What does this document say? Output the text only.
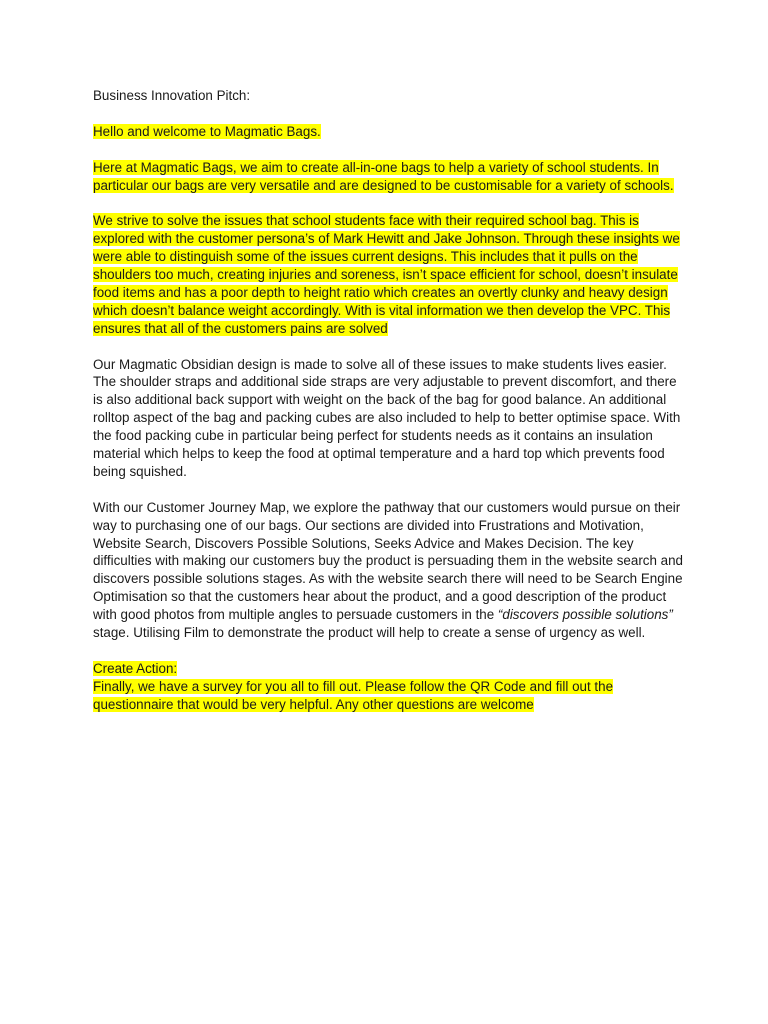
Business Innovation Pitch:

Hello and welcome to Magmatic Bags.

Here at Magmatic Bags, we aim to create all-in-one bags to help a variety of school students. In particular our bags are very versatile and are designed to be customisable for a variety of schools.

We strive to solve the issues that school students face with their required school bag. This is explored with the customer persona’s of Mark Hewitt and Jake Johnson. Through these insights we were able to distinguish some of the issues current designs. This includes that it pulls on the shoulders too much, creating injuries and soreness, isn’t space efficient for school, doesn’t insulate food items and has a poor depth to height ratio which creates an overtly clunky and heavy design which doesn’t balance weight accordingly. With is vital information we then develop the VPC. This ensures that all of the customers pains are solved

Our Magmatic Obsidian design is made to solve all of these issues to make students lives easier. The shoulder straps and additional side straps are very adjustable to prevent discomfort, and there is also additional back support with weight on the back of the bag for good balance. An additional rolltop aspect of the bag and packing cubes are also included to help to better optimise space. With the food packing cube in particular being perfect for students needs as it contains an insulation material which helps to keep the food at optimal temperature and a hard top which prevents food being squished.

With our Customer Journey Map, we explore the pathway that our customers would pursue on their way to purchasing one of our bags. Our sections are divided into Frustrations and Motivation, Website Search, Discovers Possible Solutions, Seeks Advice and Makes Decision. The key difficulties with making our customers buy the product is persuading them in the website search and discovers possible solutions stages. As with the website search there will need to be Search Engine Optimisation so that the customers hear about the product, and a good description of the product with good photos from multiple angles to persuade customers in the “discovers possible solutions” stage. Utilising Film to demonstrate the product will help to create a sense of urgency as well.

Create Action:
Finally, we have a survey for you all to fill out. Please follow the QR Code and fill out the questionnaire that would be very helpful. Any other questions are welcome
